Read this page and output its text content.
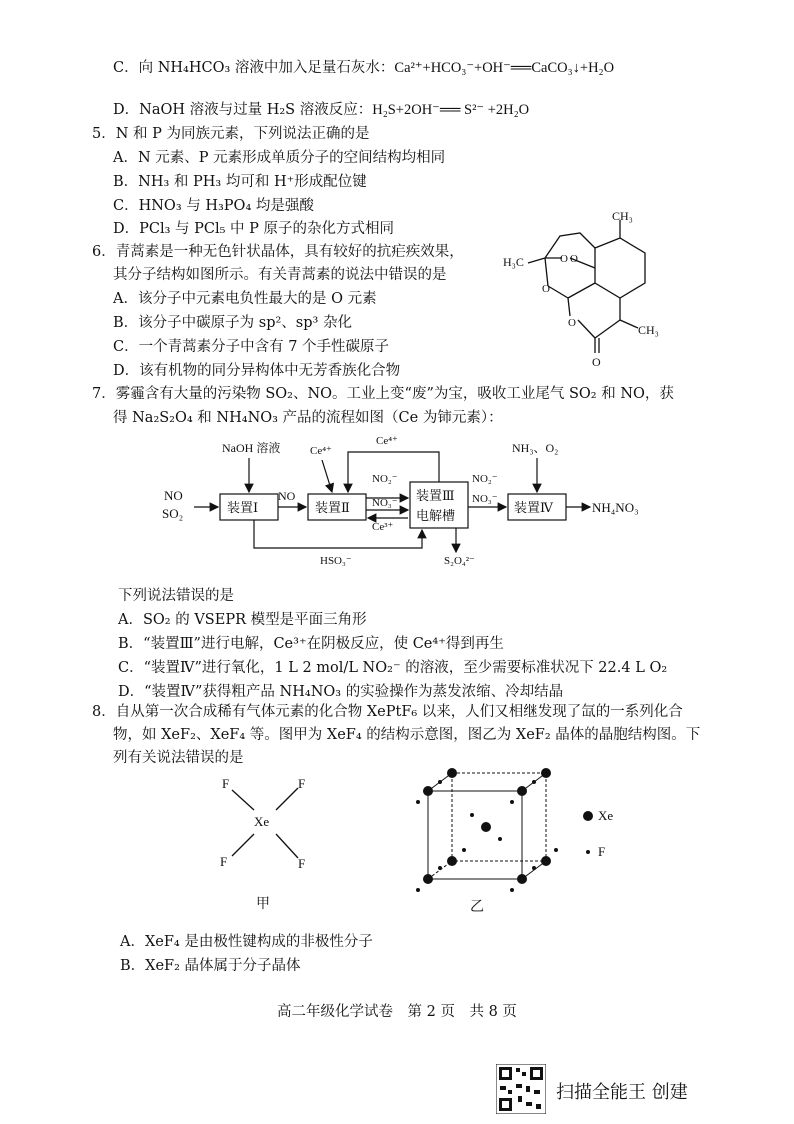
C．向 NH₄HCO₃ 溶液中加入足量石灰水：Ca²⁺+HCO₃⁻+OH⁻══CaCO₃↓+H₂O
D．NaOH 溶液与过量 H₂S 溶液反应：H₂S+2OH⁻══ S²⁻ +2H₂O
5．N 和 P 为同族元素，下列说法正确的是
A．N 元素、P 元素形成单质分子的空间结构均相同
B．NH₃ 和 PH₃ 均可和 H⁺形成配位键
C．HNO₃ 与 H₃PO₄ 均是强酸
D．PCl₃ 与 PCl₅ 中 P 原子的杂化方式相同
6．青蒿素是一种无色针状晶体，具有较好的抗疟疾效果，
其分子结构如图所示。有关青蒿素的说法中错误的是
A．该分子中元素电负性最大的是 O 元素
B．该分子中碳原子为 sp²、sp³ 杂化
C．一个青蒿素分子中含有 7 个手性碳原子
D．该有机物的同分异构体中无芳香族化合物
CH₃
H₃C
CH₃
O O
O
O
O
7．雾霾含有大量的污染物 SO₂、NO。工业上变“废”为宝，吸收工业尾气 SO₂ 和 NO，获
得 Na₂S₂O₄ 和 NH₄NO₃ 产品的流程如图（Ce 为铈元素）：
NO
SO₂
NaOH 溶液
装置Ⅰ
NO
Ce⁴⁺
Ce⁴⁺
装置Ⅱ
NO₂⁻
NO₃⁻
Ce³⁺
装置Ⅲ
电解槽
NO₂⁻
NO₃⁻
NH₃、O₂
装置Ⅳ	NH₄NO₃
HSO₃⁻	S₂O₄²⁻
下列说法错误的是
A．SO₂ 的 VSEPR 模型是平面三角形
B．“装置Ⅲ”进行电解，Ce³⁺在阴极反应，使 Ce⁴⁺得到再生
C．“装置Ⅳ”进行氧化，1 L 2 mol/L NO₂⁻ 的溶液，至少需要标准状况下 22.4 L O₂
D．“装置Ⅳ”获得粗产品 NH₄NO₃ 的实验操作为蒸发浓缩、冷却结晶
8．自从第一次合成稀有气体元素的化合物 XePtF₆ 以来，人们又相继发现了氙的一系列化合
物，如 XeF₂、XeF₄ 等。图甲为 XeF₄ 的结构示意图，图乙为 XeF₂ 晶体的晶胞结构图。下
列有关说法错误的是
F	F
Xe
F	F
甲	乙
Xe
F
A．XeF₄ 是由极性键构成的非极性分子
B．XeF₂ 晶体属于分子晶体
高二年级化学试卷　第 2 页　共 8 页
扫描全能王 创建
